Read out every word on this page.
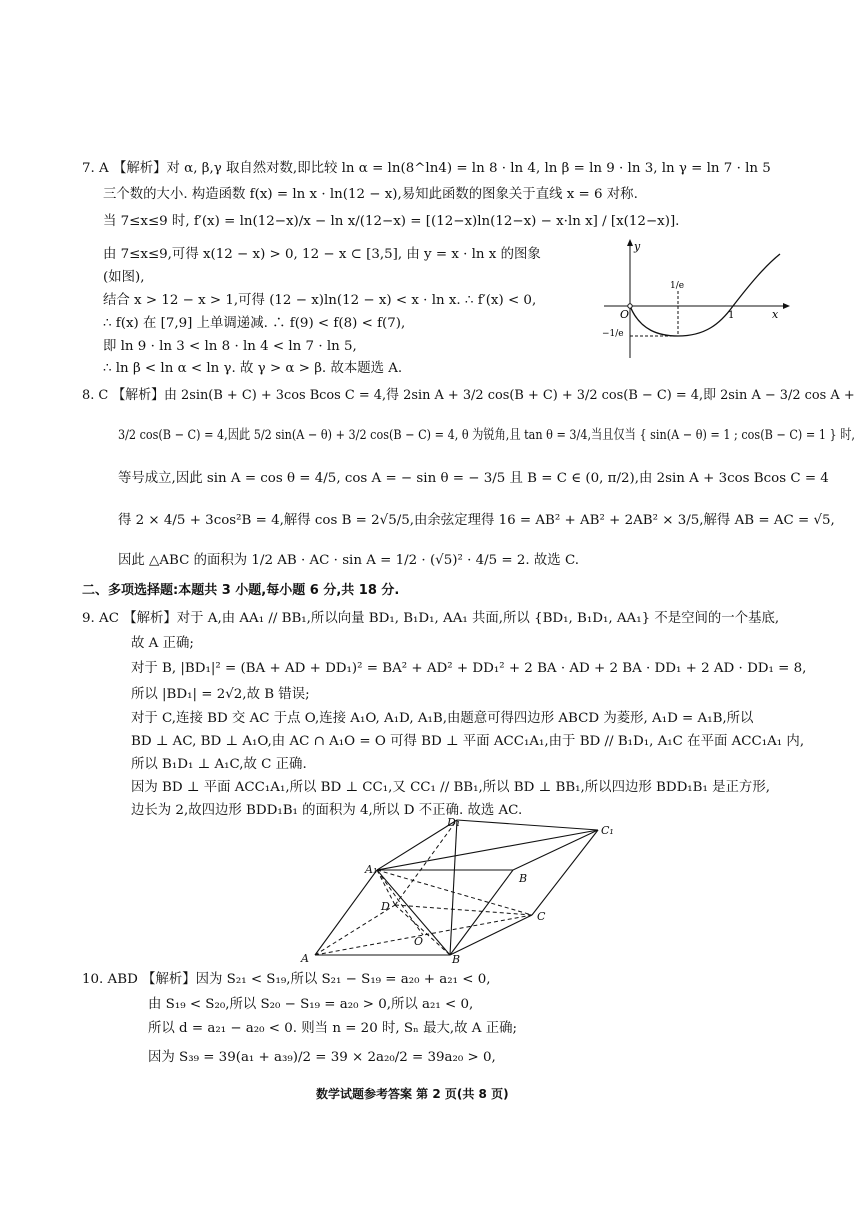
7. A 【解析】对 α, β,γ 取自然对数,即比较 ln α = ln(8^ln4) = ln 8 · ln 4, ln β = ln 9 · ln 3, ln γ = ln 7 · ln 5
三个数的大小. 构造函数 f(x) = ln x · ln(12 − x),易知此函数的图象关于直线 x = 6 对称.
当 7≤x≤9 时, f′(x) = ln(12−x)/x − ln x/(12−x) = [(12−x)ln(12−x) − x·ln x] / [x(12−x)].
由 7≤x≤9,可得 x(12 − x) > 0, 12 − x ⊂ [3,5], 由 y = x · ln x 的图象
(如图),
结合 x > 12 − x > 1,可得 (12 − x)ln(12 − x) < x · ln x. ∴ f′(x) < 0,
∴ f(x) 在 [7,9] 上单调递减. ∴ f(9) < f(8) < f(7),
即 ln 9 · ln 3 < ln 8 · ln 4 < ln 7 · ln 5,
∴ ln β < ln α < ln γ. 故 γ > α > β. 故本题选 A.
y
x
O	1
1/e
−1/e
8. C 【解析】由 2sin(B + C) + 3cos Bcos C = 4,得 2sin A + 3/2 cos(B + C) + 3/2 cos(B − C) = 4,即 2sin A − 3/2 cos A +
3/2 cos(B − C) = 4,因此 5/2 sin(A − θ) + 3/2 cos(B − C) = 4, θ 为锐角,且 tan θ = 3/4,当且仅当 { sin(A − θ) = 1 ; cos(B − C) = 1 } 时,
等号成立,因此 sin A = cos θ = 4/5, cos A = − sin θ = − 3/5 且 B = C ∈ (0, π/2),由 2sin A + 3cos Bcos C = 4
得 2 × 4/5 + 3cos²B = 4,解得 cos B = 2√5/5,由余弦定理得 16 = AB² + AB² + 2AB² × 3/5,解得 AB = AC = √5,
因此 △ABC 的面积为 1/2 AB · AC · sin A = 1/2 · (√5)² · 4/5 = 2. 故选 C.
二、多项选择题:本题共 3 小题,每小题 6 分,共 18 分.
9. AC 【解析】对于 A,由 AA₁ // BB₁,所以向量 BD₁, B₁D₁, AA₁ 共面,所以 {BD₁, B₁D₁, AA₁} 不是空间的一个基底,
故 A 正确;
对于 B, |BD₁|² = (BA + AD + DD₁)² = BA² + AD² + DD₁² + 2 BA · AD + 2 BA · DD₁ + 2 AD · DD₁ = 8,
所以 |BD₁| = 2√2,故 B 错误;
对于 C,连接 BD 交 AC 于点 O,连接 A₁O, A₁D, A₁B,由题意可得四边形 ABCD 为菱形, A₁D = A₁B,所以
BD ⊥ AC, BD ⊥ A₁O,由 AC ∩ A₁O = O 可得 BD ⊥ 平面 ACC₁A₁,由于 BD // B₁D₁, A₁C 在平面 ACC₁A₁ 内,
所以 B₁D₁ ⊥ A₁C,故 C 正确.
因为 BD ⊥ 平面 ACC₁A₁,所以 BD ⊥ CC₁,又 CC₁ // BB₁,所以 BD ⊥ BB₁,所以四边形 BDD₁B₁ 是正方形,
边长为 2,故四边形 BDD₁B₁ 的面积为 4,所以 D 不正确. 故选 AC.
D₁
C₁
A₁
B
D
C
O
A	B
10. ABD 【解析】因为 S₂₁ < S₁₉,所以 S₂₁ − S₁₉ = a₂₀ + a₂₁ < 0,
由 S₁₉ < S₂₀,所以 S₂₀ − S₁₉ = a₂₀ > 0,所以 a₂₁ < 0,
所以 d = a₂₁ − a₂₀ < 0. 则当 n = 20 时, Sₙ 最大,故 A 正确;
因为 S₃₉ = 39(a₁ + a₃₉)/2 = 39 × 2a₂₀/2 = 39a₂₀ > 0,
数学试题参考答案 第 2 页(共 8 页)
